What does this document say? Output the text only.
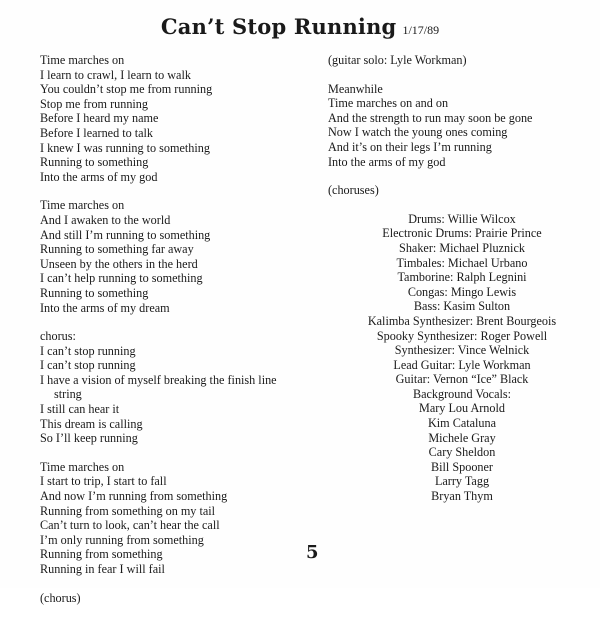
Can’t Stop Running 1/17/89
Time marches on
I learn to crawl, I learn to walk
You couldn’t stop me from running
Stop me from running
Before I heard my name
Before I learned to talk
I knew I was running to something
Running to something
Into the arms of my god
Time marches on
And I awaken to the world
And still I’m running to something
Running to something far away
Unseen by the others in the herd
I can’t help running to something
Running to something
Into the arms of my dream
chorus:
I can’t stop running
I can’t stop running
I have a vision of myself breaking the finish line
string
I still can hear it
This dream is calling
So I’ll keep running
Time marches on
I start to trip, I start to fall
And now I’m running from something
Running from something on my tail
Can’t turn to look, can’t hear the call
I’m only running from something
Running from something
Running in fear I will fail
(chorus)
(guitar solo: Lyle Workman)
Meanwhile
Time marches on and on
And the strength to run may soon be gone
Now I watch the young ones coming
And it’s on their legs I’m running
Into the arms of my god
(choruses)
Drums: Willie Wilcox
Electronic Drums: Prairie Prince
Shaker: Michael Pluznick
Timbales: Michael Urbano
Tamborine: Ralph Legnini
Congas: Mingo Lewis
Bass: Kasim Sulton
Kalimba Synthesizer: Brent Bourgeois
Spooky Synthesizer: Roger Powell
Synthesizer: Vince Welnick
Lead Guitar: Lyle Workman
Guitar: Vernon “Ice” Black
Background Vocals:
Mary Lou Arnold
Kim Cataluna
Michele Gray
Cary Sheldon
Bill Spooner
Larry Tagg
Bryan Thym
5
